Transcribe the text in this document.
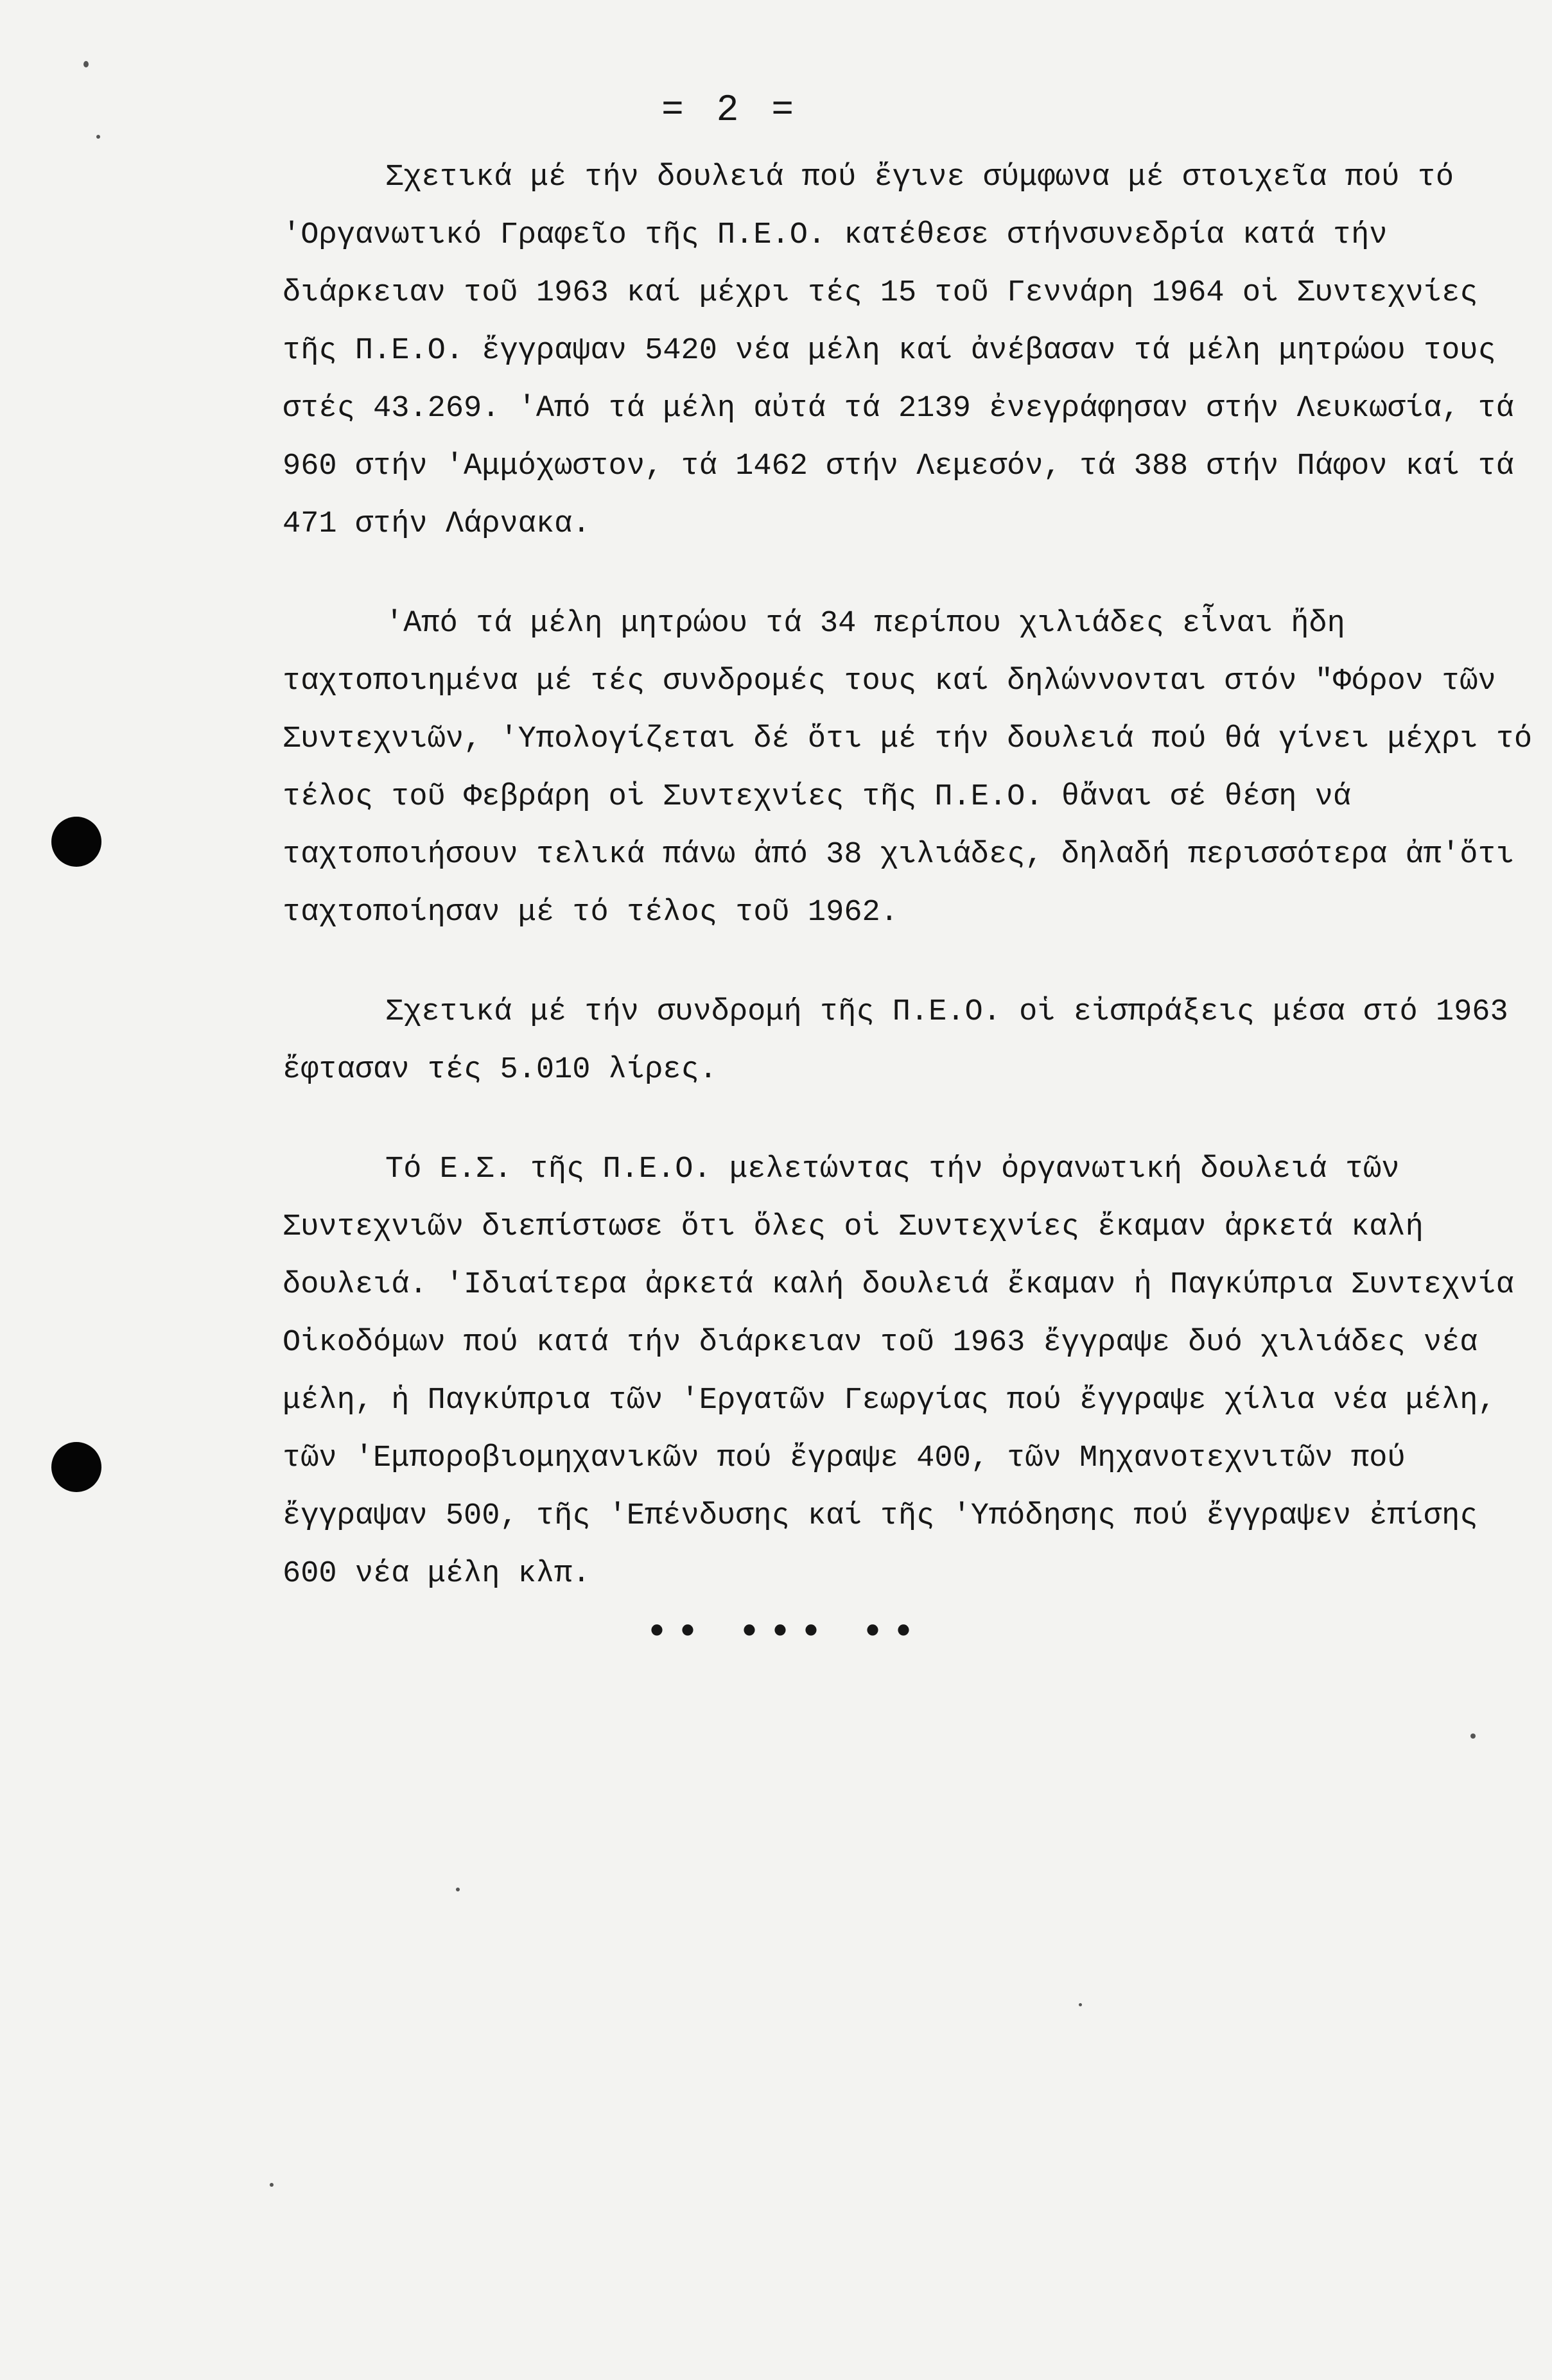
= 2 =

Σχετικά μέ τήν δουλειά πού ἔγινε σύμφωνα μέ στοιχεῖα πού τό 'Οργανωτικό Γραφεῖο τῆς Π.Ε.Ο. κατέθεσε στήνσυνεδρία κατά τήν διάρκειαν τοῦ 1963 καί μέχρι τές 15 τοῦ Γεννάρη 1964 οἱ Συντεχνίες τῆς Π.Ε.Ο. ἔγγραψαν 5420 νέα μέλη καί ἀνέβασαν τά μέλη μητρώου τους στές 43.269. 'Από τά μέλη αὐτά τά 2139 ἐνεγράφησαν στήν Λευκωσία, τά 960 στήν 'Αμμόχωστον, τά 1462 στήν Λεμεσόν, τά 388 στήν Πάφον καί τά 471 στήν Λάρνακα.

'Από τά μέλη μητρώου τά 34 περίπου χιλιάδες εἶναι ἤδη ταχτοποιημένα μέ τές συνδρομές τους καί δηλώννονται στόν "Φόρον τῶν Συντεχνιῶν, 'Υπολογίζεται δέ ὅτι μέ τήν δουλειά πού θά γίνει μέχρι τό τέλος τοῦ Φεβράρη οἱ Συντεχνίες τῆς Π.Ε.Ο. θἄναι σέ θέση νά ταχτοποιήσουν τελικά πάνω ἀπό 38 χιλιάδες, δηλαδή περισσότερα ἀπ'ὅτι ταχτοποίησαν μέ τό τέλος τοῦ 1962.

Σχετικά μέ τήν συνδρομή τῆς Π.Ε.Ο. οἱ εἰσπράξεις μέσα στό 1963 ἔφτασαν τές 5.010 λίρες.

Τό Ε.Σ. τῆς Π.Ε.Ο. μελετώντας τήν ὀργανωτική δουλειά τῶν Συντεχνιῶν διεπίστωσε ὅτι ὅλες οἱ Συντεχνίες ἔκαμαν ἀρκετά καλή δουλειά. 'Ιδιαίτερα ἀρκετά καλή δουλειά ἔκαμαν ἡ Παγκύπρια Συντεχνία Οἰκοδόμων πού κατά τήν διάρκειαν τοῦ 1963 ἔγγραψε δυό χιλιάδες νέα μέλη, ἡ Παγκύπρια τῶν 'Εργατῶν Γεωργίας πού ἔγγραψε χίλια νέα μέλη, τῶν 'Εμποροβιομηχανικῶν πού ἔγραψε 400, τῶν Μηχανοτεχνιτῶν πού ἔγγραψαν 500, τῆς 'Επένδυσης καί τῆς 'Υπόδησης πού ἔγγραψεν ἐπίσης 600 νέα μέλη κλπ.

•• ••• ••
